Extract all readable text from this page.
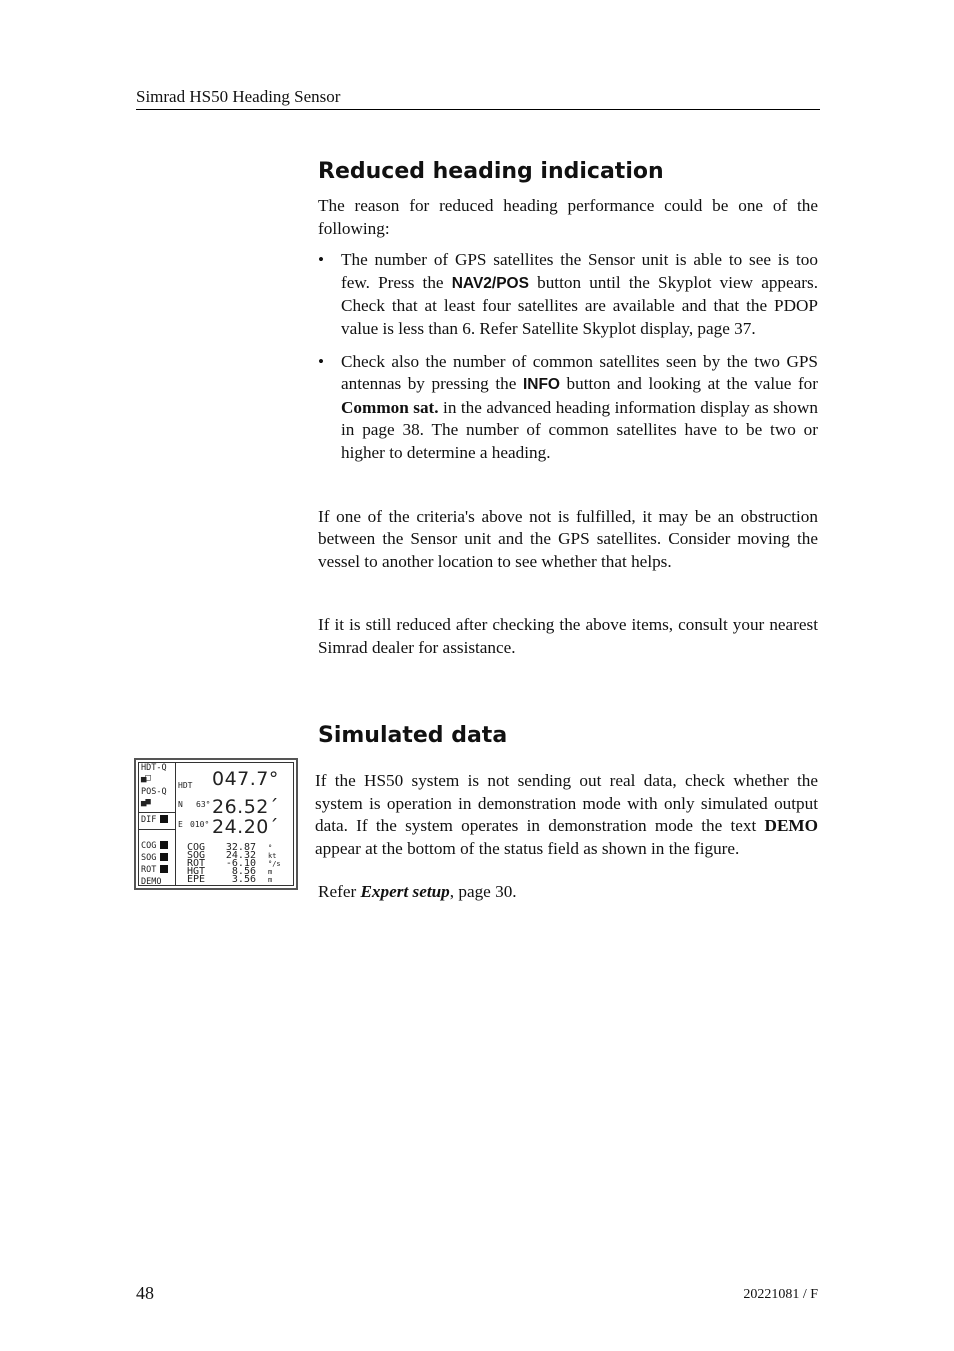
Simrad HS50 Heading Sensor
Reduced heading indication

The reason for reduced heading performance could be one of the following:

• The number of GPS satellites the Sensor unit is able to see is too few. Press the NAV2/POS button until the Skyplot view appears. Check that at least four satellites are available and that the PDOP value is less than 6. Refer Satellite Skyplot display, page 37.
• Check also the number of common satellites seen by the two GPS antennas by pressing the INFO button and looking at the value for Common sat. in the advanced heading information display as shown in page 38. The number of common satellites have to be two or higher to determine a heading.

If one of the criteria's above not is fulfilled, it may be an obstruction between the Sensor unit and the GPS satellites. Consider moving the vessel to another location to see whether that helps.

If it is still reduced after checking the above items, consult your nearest Simrad dealer for assistance.

Simulated data

If the HS50 system is not sending out real data, check whether the system is operation in demonstration mode with only simulated output data. If the system operates in demonstration mode the text DEMO appear at the bottom of the status field as shown in the figure.

Refer Expert setup, page 30.

HDT-Q
▄□
POS-Q
▄■
DIF
COG
SOG
ROT
DEMO
HDT 047.7°
N 63° 26.52´
E 010° 24.20´
COG
SOG
ROT
HGT
EPE
32.87
24.32
-6.10
8.56
3.56
°
kt
°/s
m
m
48	20221081 / F
